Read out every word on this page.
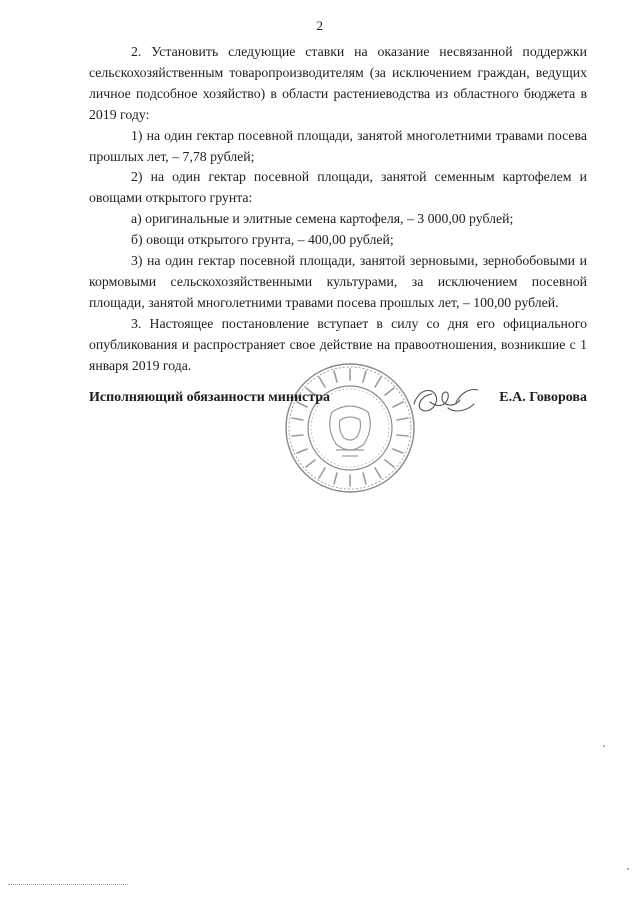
2

2. Установить следующие ставки на оказание несвязанной поддержки сельскохозяйственным товаропроизводителям (за исключением граждан, ведущих личное подсобное хозяйство) в области растениеводства из областного бюджета в 2019 году:

1) на один гектар посевной площади, занятой многолетними травами посева прошлых лет, – 7,78 рублей;

2) на один гектар посевной площади, занятой семенным картофелем и овощами открытого грунта:

а) оригинальные и элитные семена картофеля, – 3 000,00 рублей;

б) овощи открытого грунта, – 400,00 рублей;

3) на один гектар посевной площади, занятой зерновыми, зернобобовыми и кормовыми сельскохозяйственными культурами, за исключением посевной площади, занятой многолетними травами посева прошлых лет, – 100,00 рублей.

3. Настоящее постановление вступает в силу со дня его официального опубликования и распространяет свое действие на правоотношения, возникшие с 1 января 2019 года.

Исполняющий обязанности министра	Е.А. Говорова
